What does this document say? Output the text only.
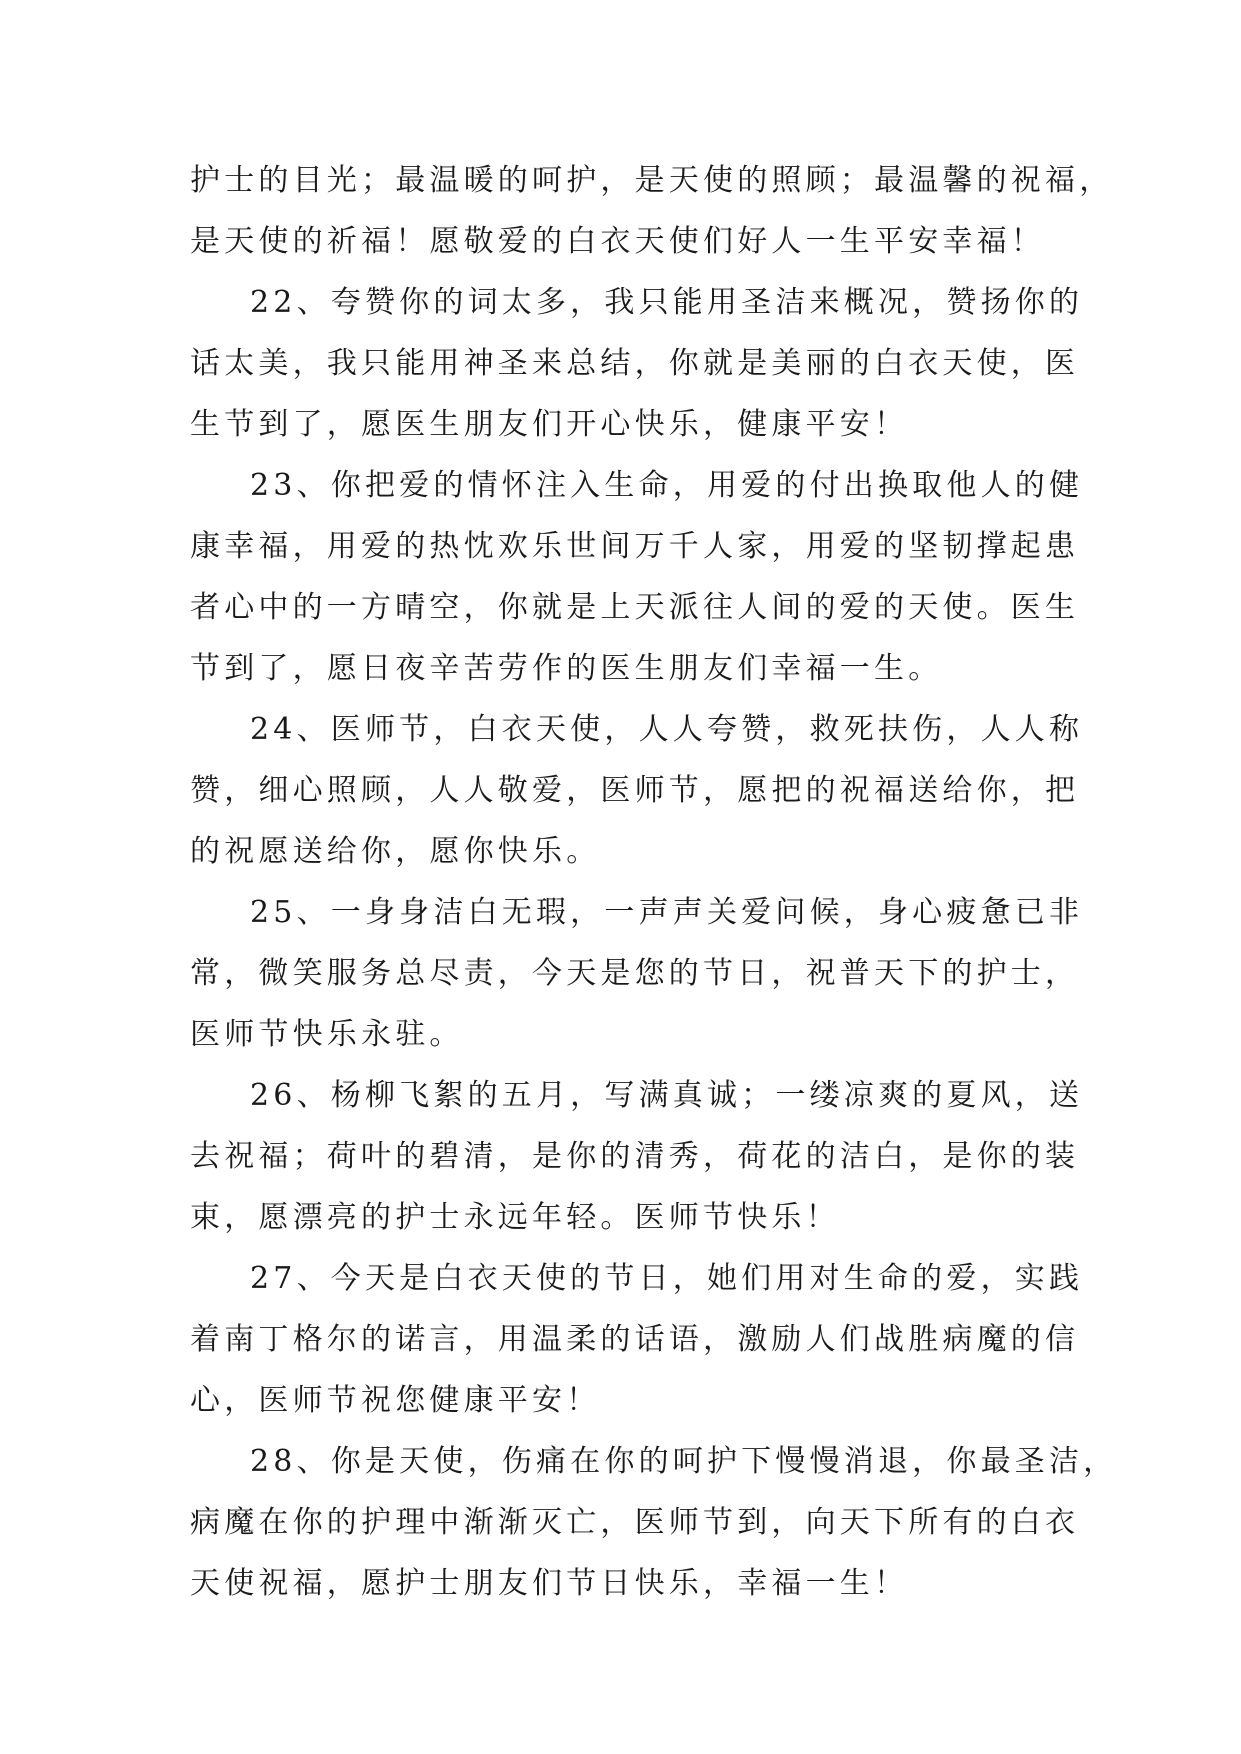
护士的目光；最温暖的呵护，是天使的照顾；最温馨的祝福，
是天使的祈福！愿敬爱的白衣天使们好人一生平安幸福！
22、夸赞你的词太多，我只能用圣洁来概况，赞扬你的
话太美，我只能用神圣来总结，你就是美丽的白衣天使，医
生节到了，愿医生朋友们开心快乐，健康平安！
23、你把爱的情怀注入生命，用爱的付出换取他人的健
康幸福，用爱的热忱欢乐世间万千人家，用爱的坚韧撑起患
者心中的一方晴空，你就是上天派往人间的爱的天使。医生
节到了，愿日夜辛苦劳作的医生朋友们幸福一生。
24、医师节，白衣天使，人人夸赞，救死扶伤，人人称
赞，细心照顾，人人敬爱，医师节，愿把的祝福送给你，把
的祝愿送给你，愿你快乐。
25、一身身洁白无瑕，一声声关爱问候，身心疲惫已非
常，微笑服务总尽责，今天是您的节日，祝普天下的护士，
医师节快乐永驻。
26、杨柳飞絮的五月，写满真诚；一缕凉爽的夏风，送
去祝福；荷叶的碧清，是你的清秀，荷花的洁白，是你的装
束，愿漂亮的护士永远年轻。医师节快乐！
27、今天是白衣天使的节日，她们用对生命的爱，实践
着南丁格尔的诺言，用温柔的话语，激励人们战胜病魔的信
心，医师节祝您健康平安！
28、你是天使，伤痛在你的呵护下慢慢消退，你最圣洁，
病魔在你的护理中渐渐灭亡，医师节到，向天下所有的白衣
天使祝福，愿护士朋友们节日快乐，幸福一生！
